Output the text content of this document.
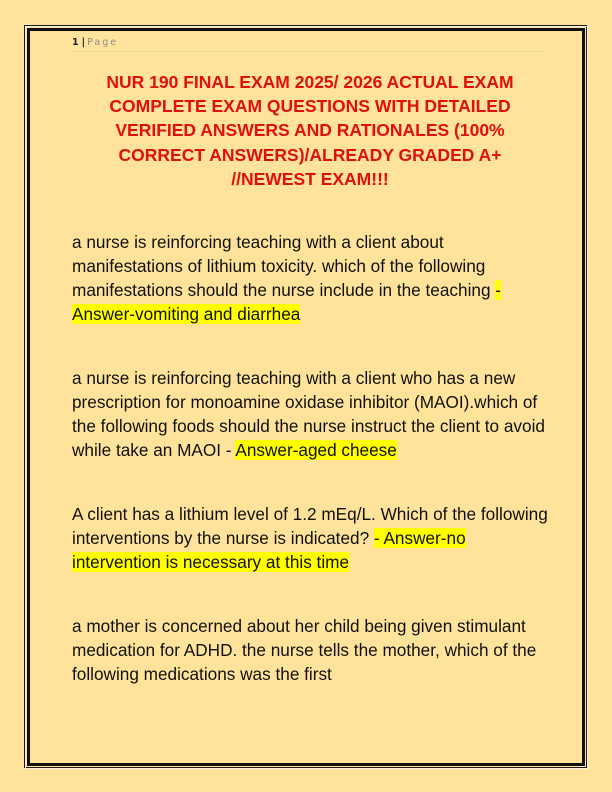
1 | Page
NUR 190 FINAL EXAM 2025/ 2026 ACTUAL EXAM COMPLETE EXAM QUESTIONS WITH DETAILED VERIFIED ANSWERS AND RATIONALES (100% CORRECT ANSWERS)/ALREADY GRADED A+ //NEWEST EXAM!!!
a nurse is reinforcing teaching with a client about manifestations of lithium toxicity. which of the following manifestations should the nurse include in the teaching - Answer-vomiting and diarrhea
a nurse is reinforcing teaching with a client who has a new prescription for monoamine oxidase inhibitor (MAOI).which of the following foods should the nurse instruct the client to avoid while take an MAOI - Answer-aged cheese
A client has a lithium level of 1.2 mEq/L. Which of the following interventions by the nurse is indicated? - Answer-no intervention is necessary at this time
a mother is concerned about her child being given stimulant medication for ADHD. the nurse tells the mother, which of the following medications was the first
